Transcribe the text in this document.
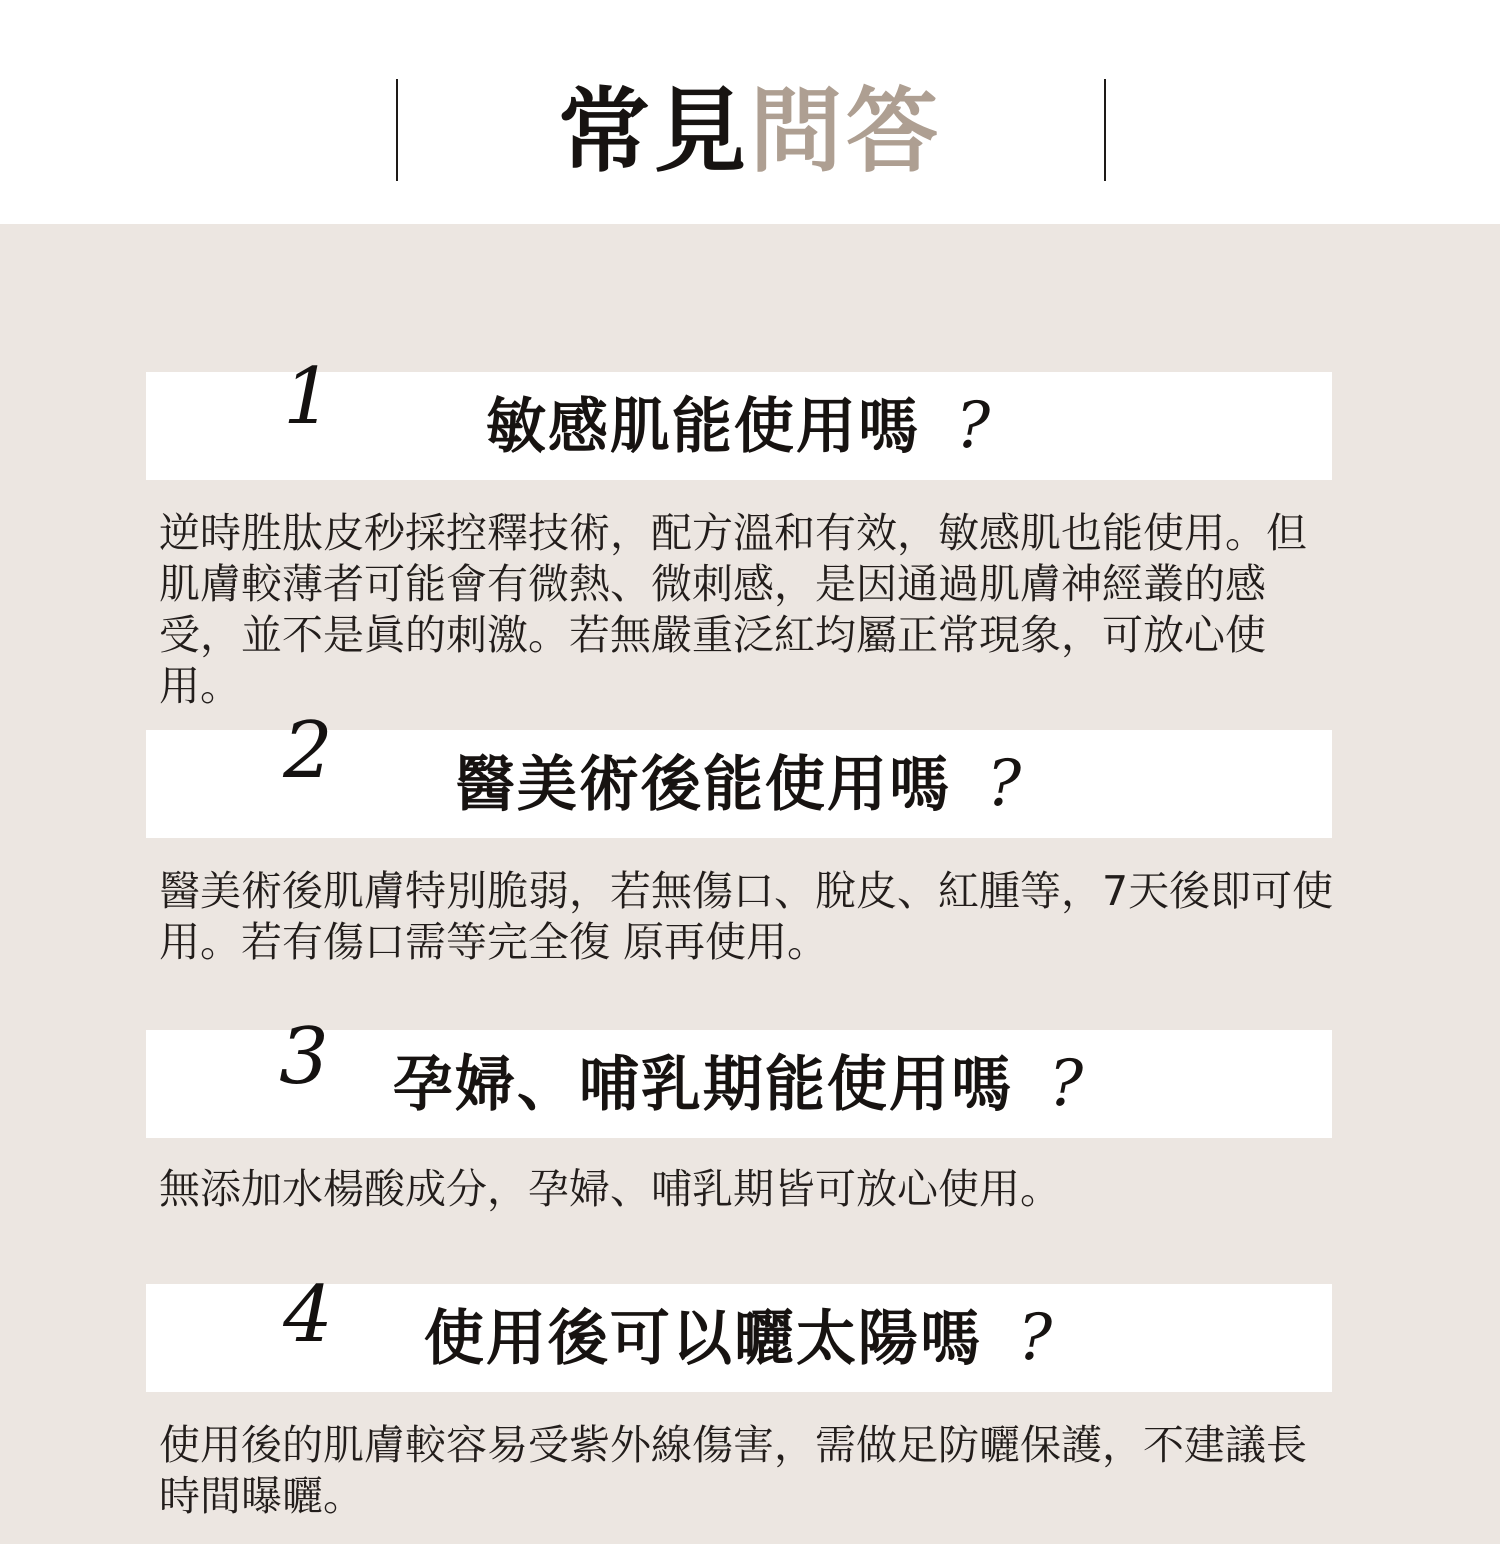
常見問答
1	敏感肌能使用嗎 ?
逆時胜肽皮秒採控釋技術，配方溫和有效，敏感肌也能使用。但肌膚較薄者可能會有微熱、微刺感，是因通過肌膚神經叢的感受，並不是眞的刺激。若無嚴重泛紅均屬正常現象，可放心使用。
2	醫美術後能使用嗎 ?
醫美術後肌膚特別脆弱，若無傷口、脫皮、紅腫等，7天後即可使用。若有傷口需等完全復 原再使用。
3	孕婦、哺乳期能使用嗎 ?
無添加水楊酸成分，孕婦、哺乳期皆可放心使用。
4	使用後可以曬太陽嗎 ?
使用後的肌膚較容易受紫外線傷害，需做足防曬保護，不建議長時間曝曬。
